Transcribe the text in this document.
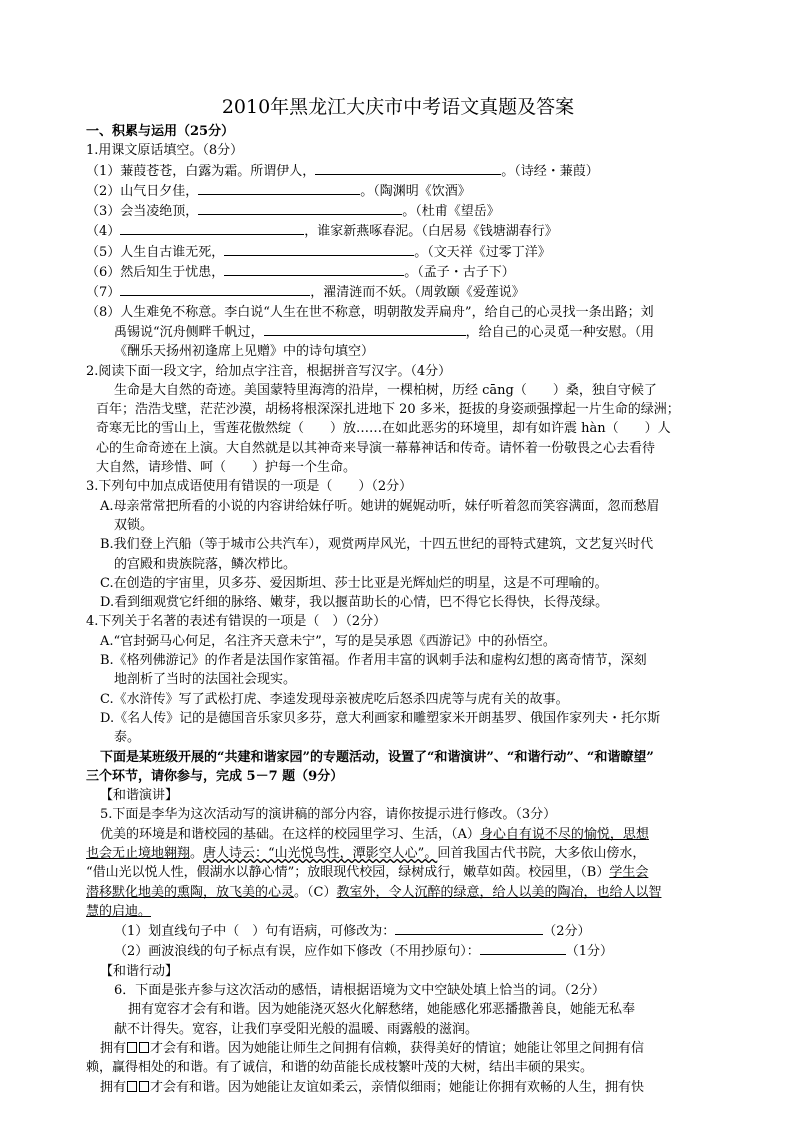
2010年黑龙江大庆市中考语文真题及答案
一、积累与运用（25分）
1.用课文原话填空。（8分）
（1）蒹葭苍苍，白露为霜。所谓伊人，	。（诗经・蒹葭）
（2）山气日夕佳，	。（陶渊明《饮酒》
（3）会当凌绝顶，	。（杜甫《望岳》
（4）	，谁家新燕啄春泥。（白居易《钱塘湖春行》
（5）人生自古谁无死，	。（文天祥《过零丁洋》
（6）然后知生于忧患，	。（孟子・古子下）
（7）	，濯清涟而不妖。（周敦颐《爱莲说》
（8）人生难免不称意。李白说“人生在世不称意，明朝散发弄扁舟”，给自己的心灵找一条出路；刘
禹锡说“沉舟侧畔千帆过，	，给自己的心灵觅一种安慰。（用
《酬乐天扬州初逢席上见赠》中的诗句填空）
2.阅读下面一段文字，给加点字注音，根据拼音写汉字。（4分）
生命是大自然的奇迹。美国蒙特里海湾的沿岸，一棵柏树，历经 cāng（　　）桑，独自守候了
百年；浩浩戈壁，茫茫沙漠，胡杨将根深深扎进地下 20 多米，挺拔的身姿顽强撑起一片生命的绿洲；
奇寒无比的雪山上，雪莲花傲然绽（　　）放……在如此恶劣的环境里，却有如许震 hàn（　　）人
心的生命奇迹在上演。大自然就是以其神奇来导演一幕幕神话和传奇。请怀着一份敬畏之心去看待
大自然，请珍惜、呵（　　）护每一个生命。
3.下列句中加点成语使用有错误的一项是（　　）（2分）
A.母亲常常把所看的小说的内容讲给妹仔听。她讲的娓娓动听，妹仔听着忽而笑容满面，忽而愁眉
双锁。
B.我们登上汽船（等于城市公共汽车），观赏两岸风光，十四五世纪的哥特式建筑，文艺复兴时代
的宫殿和贵族院落，鳞次栉比。
C.在创造的宇宙里，贝多芬、爱因斯坦、莎士比亚是光辉灿烂的明星，这是不可理喻的。
D.看到细观赏它纤细的脉络、嫩芽，我以揠苗助长的心情，巴不得它长得快，长得茂绿。
4.下列关于名著的表述有错误的一项是（　）（2分）
A.“官封弼马心何足，名注齐天意未宁”，写的是吴承恩《西游记》中的孙悟空。
B.《格列佛游记》的作者是法国作家笛福。作者用丰富的讽刺手法和虚构幻想的离奇情节，深刻
地剖析了当时的法国社会现实。
C.《水浒传》写了武松打虎、李逵发现母亲被虎吃后怒杀四虎等与虎有关的故事。
D.《名人传》记的是德国音乐家贝多芬，意大利画家和雕塑家米开朗基罗、俄国作家列夫・托尔斯
泰。
下面是某班级开展的“共建和谐家园”的专题活动，设置了“和谐演讲”、“和谐行动”、“和谐瞭望”
三个环节，请你参与，完成 5－7 题（9分）
【和谐演讲】
5.下面是李华为这次活动写的演讲稿的部分内容，请你按提示进行修改。（3分）
优美的环境是和谐校园的基础。在这样的校园里学习、生活，（A）身心自有说不尽的愉悦，思想
也会无止境地翱翔。唐人诗云：“山光悦鸟性，潭影空人心”。回首我国古代书院，大多依山傍水，
“借山光以悦人性，假湖水以静心情”；放眼现代校园，绿树成行，嫩草如茵。校园里，（B）学生会
潜移默化地美的熏陶，放飞美的心灵。（C）教室外，令人沉醉的绿意，给人以美的陶冶，也给人以智
慧的启迪。
（1）划直线句子中（　）句有语病，可修改为：	（2分）
（2）画波浪线的句子标点有误，应作如下修改（不用抄原句）：	（1分）
【和谐行动】
6．下面是张卉参与这次活动的感悟，请根据语境为文中空缺处填上恰当的词。（2分）
拥有宽容才会有和谐。因为她能浇灭怒火化解愁绪，她能感化邪恶播撒善良，她能无私奉
献不计得失。宽容，让我们享受阳光般的温暖、雨露般的滋润。
拥有 才会有和谐。因为她能让师生之间拥有信赖，获得美好的情谊；她能让邻里之间拥有信
赖，赢得相处的和谐。有了诚信，和谐的幼苗能长成枝繁叶茂的大树，结出丰硕的果实。
拥有 才会有和谐。因为她能让友谊如柔云，亲情似细雨；她能让你拥有欢畅的人生，拥有快
